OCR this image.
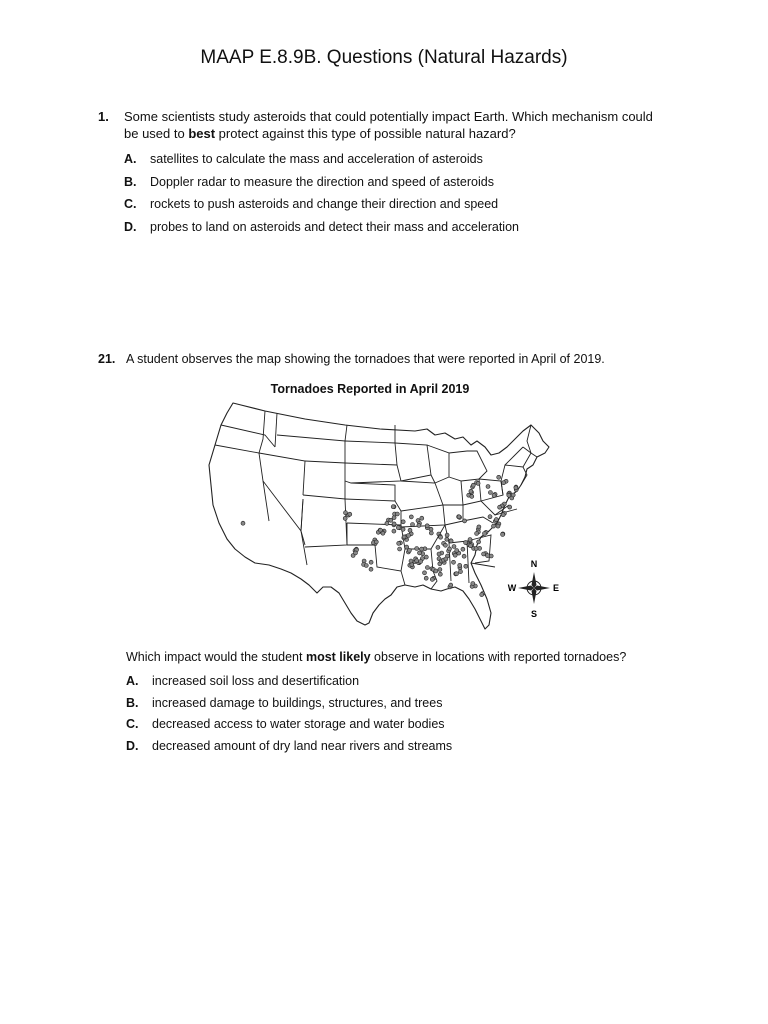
MAAP E.8.9B. Questions (Natural Hazards)
1. Some scientists study asteroids that could potentially impact Earth. Which mechanism could be used to best protect against this type of possible natural hazard?
A. satellites to calculate the mass and acceleration of asteroids
B. Doppler radar to measure the direction and speed of asteroids
C. rockets to push asteroids and change their direction and speed
D. probes to land on asteroids and detect their mass and acceleration
21. A student observes the map showing the tornadoes that were reported in April of 2019.
Tornadoes Reported in April 2019
N
S
E
W
Which impact would the student most likely observe in locations with reported tornadoes?
A. increased soil loss and desertification
B. increased damage to buildings, structures, and trees
C. decreased access to water storage and water bodies
D. decreased amount of dry land near rivers and streams
